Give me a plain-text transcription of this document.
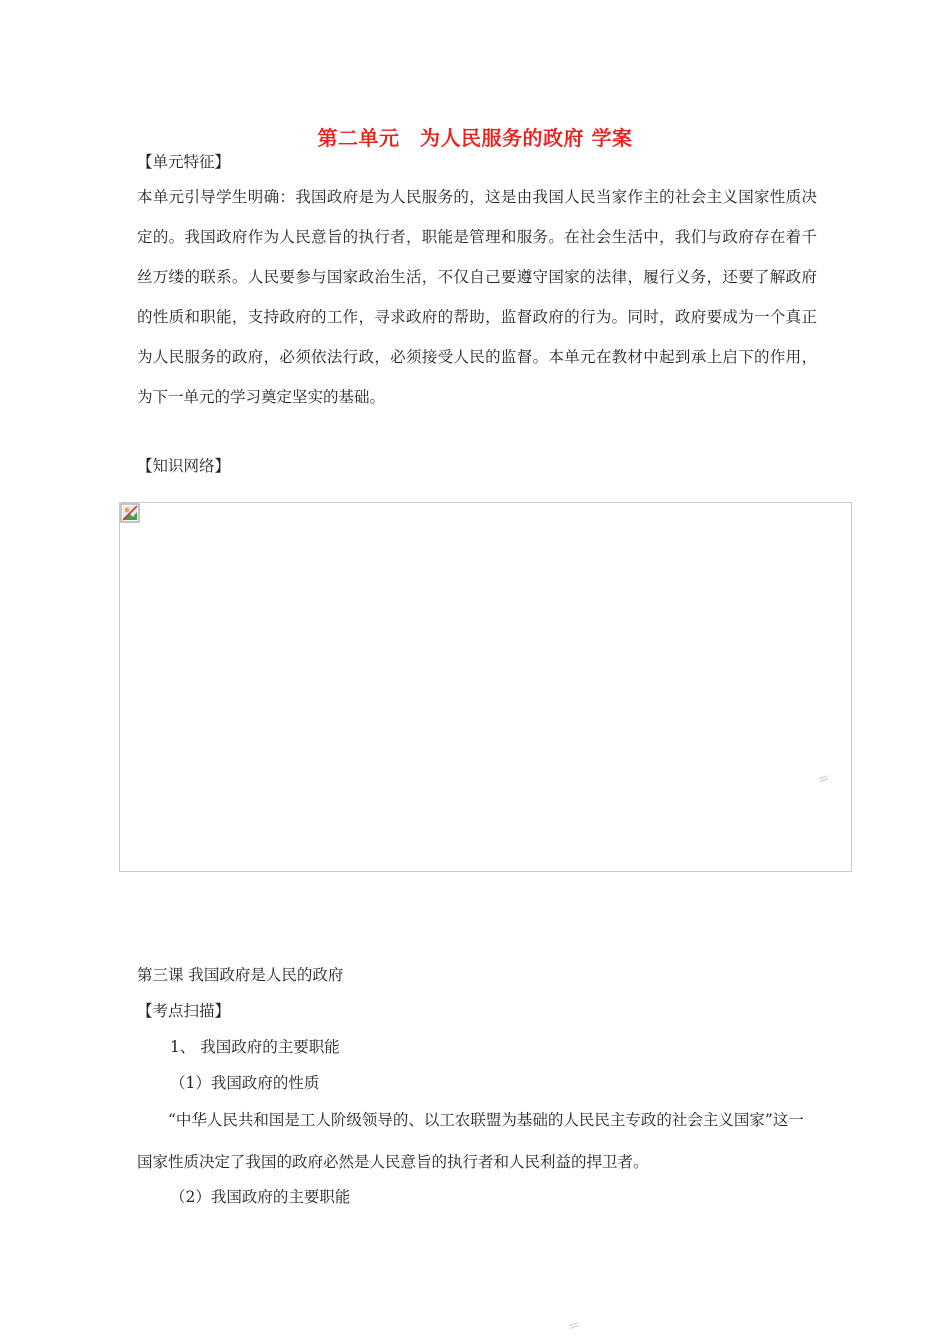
第二单元　为人民服务的政府 学案
【单元特征】
本单元引导学生明确：我国政府是为人民服务的，这是由我国人民当家作主的社会主义国家性质决定的。我国政府作为人民意旨的执行者，职能是管理和服务。在社会生活中，我们与政府存在着千丝万缕的联系。人民要参与国家政治生活，不仅自己要遵守国家的法律，履行义务，还要了解政府的性质和职能，支持政府的工作，寻求政府的帮助，监督政府的行为。同时，政府要成为一个真正为人民服务的政府，必须依法行政，必须接受人民的监督。本单元在教材中起到承上启下的作用，为下一单元的学习奠定坚实的基础。
【知识网络】
=
第三课 我国政府是人民的政府
【考点扫描】
1、 我国政府的主要职能
（1）我国政府的性质
“中华人民共和国是工人阶级领导的、以工农联盟为基础的人民民主专政的社会主义国家”这一国家性质决定了我国的政府必然是人民意旨的执行者和人民利益的捍卫者。
（2）我国政府的主要职能
=
